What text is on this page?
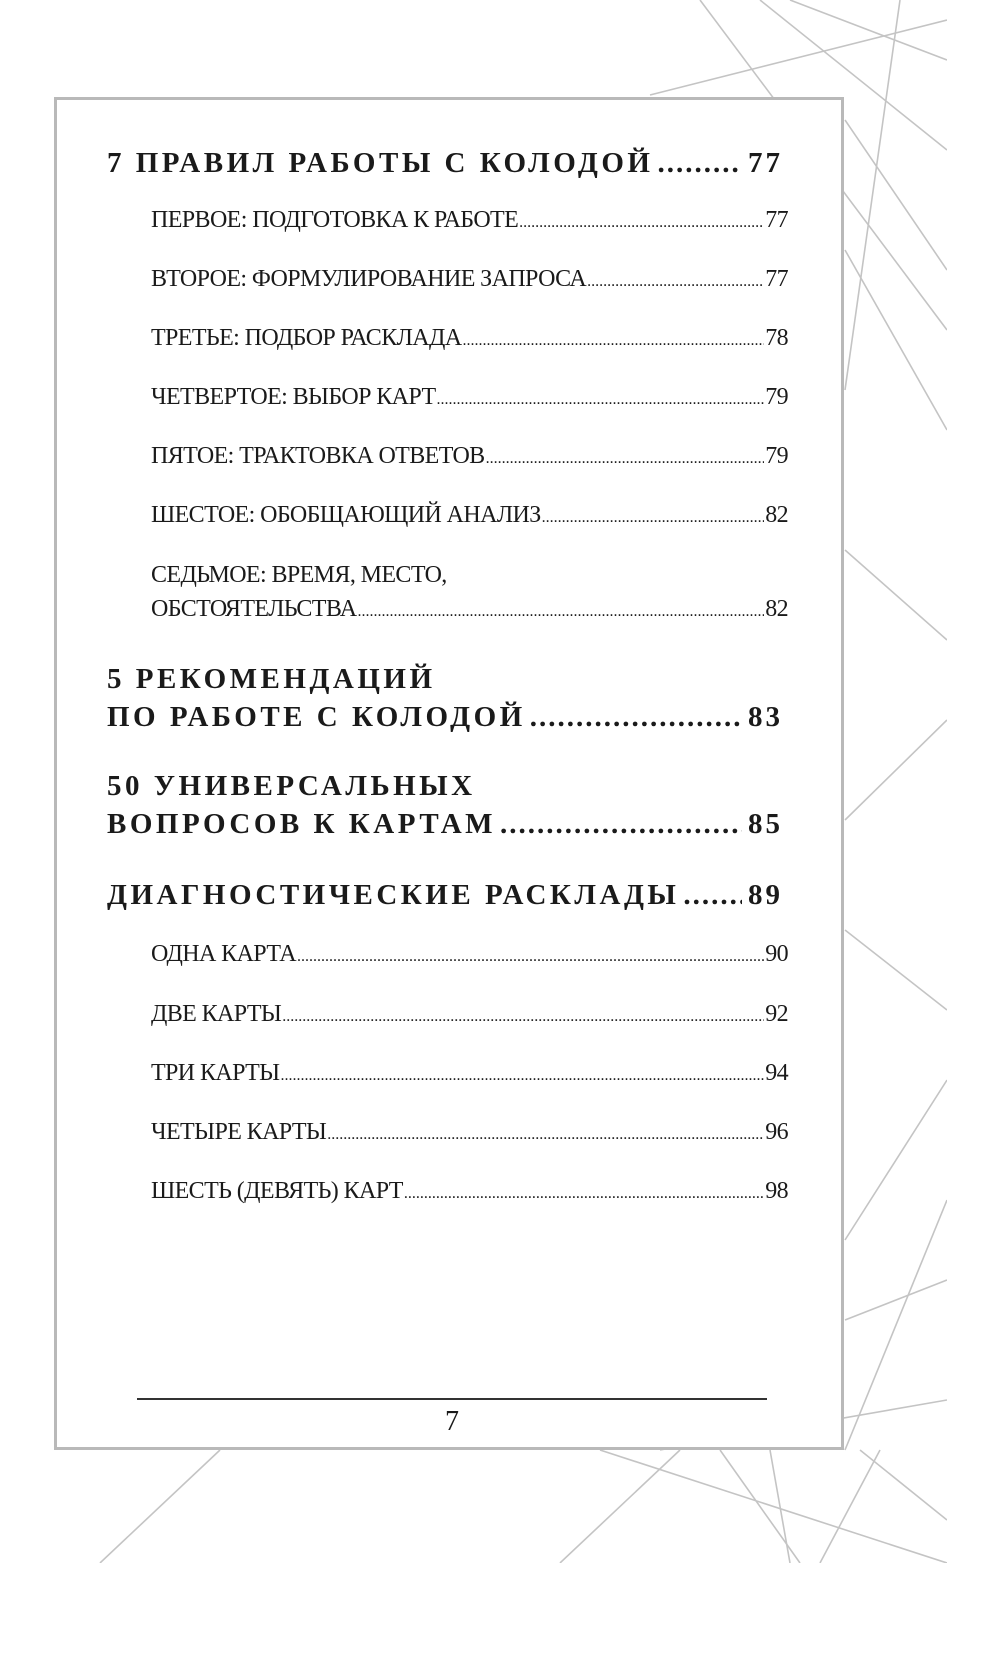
7 ПРАВИЛ РАБОТЫ С КОЛОДОЙ .....	77
ПЕРВОЕ: ПОДГОТОВКА К РАБОТЕ .....	77
ВТОРОЕ: ФОРМУЛИРОВАНИЕ ЗАПРОСА .....	77
ТРЕТЬЕ: ПОДБОР РАСКЛАДА .....	78
ЧЕТВЕРТОЕ: ВЫБОР КАРТ .....	79
ПЯТОЕ: ТРАКТОВКА ОТВЕТОВ .....	79
ШЕСТОЕ: ОБОБЩАЮЩИЙ АНАЛИЗ .....	82
СЕДЬМОЕ: ВРЕМЯ, МЕСТО,
ОБСТОЯТЕЛЬСТВА .....	82
5 РЕКОМЕНДАЦИЙ
ПО РАБОТЕ С КОЛОДОЙ .....	83
50 УНИВЕРСАЛЬНЫХ
ВОПРОСОВ К КАРТАМ .....	85
ДИАГНОСТИЧЕСКИЕ РАСКЛАДЫ ..... 89
ОДНА КАРТА .....	90
ДВЕ КАРТЫ .....	92
ТРИ КАРТЫ .....	94
ЧЕТЫРЕ КАРТЫ .....	96
ШЕСТЬ (ДЕВЯТЬ) КАРТ .....	98
7
